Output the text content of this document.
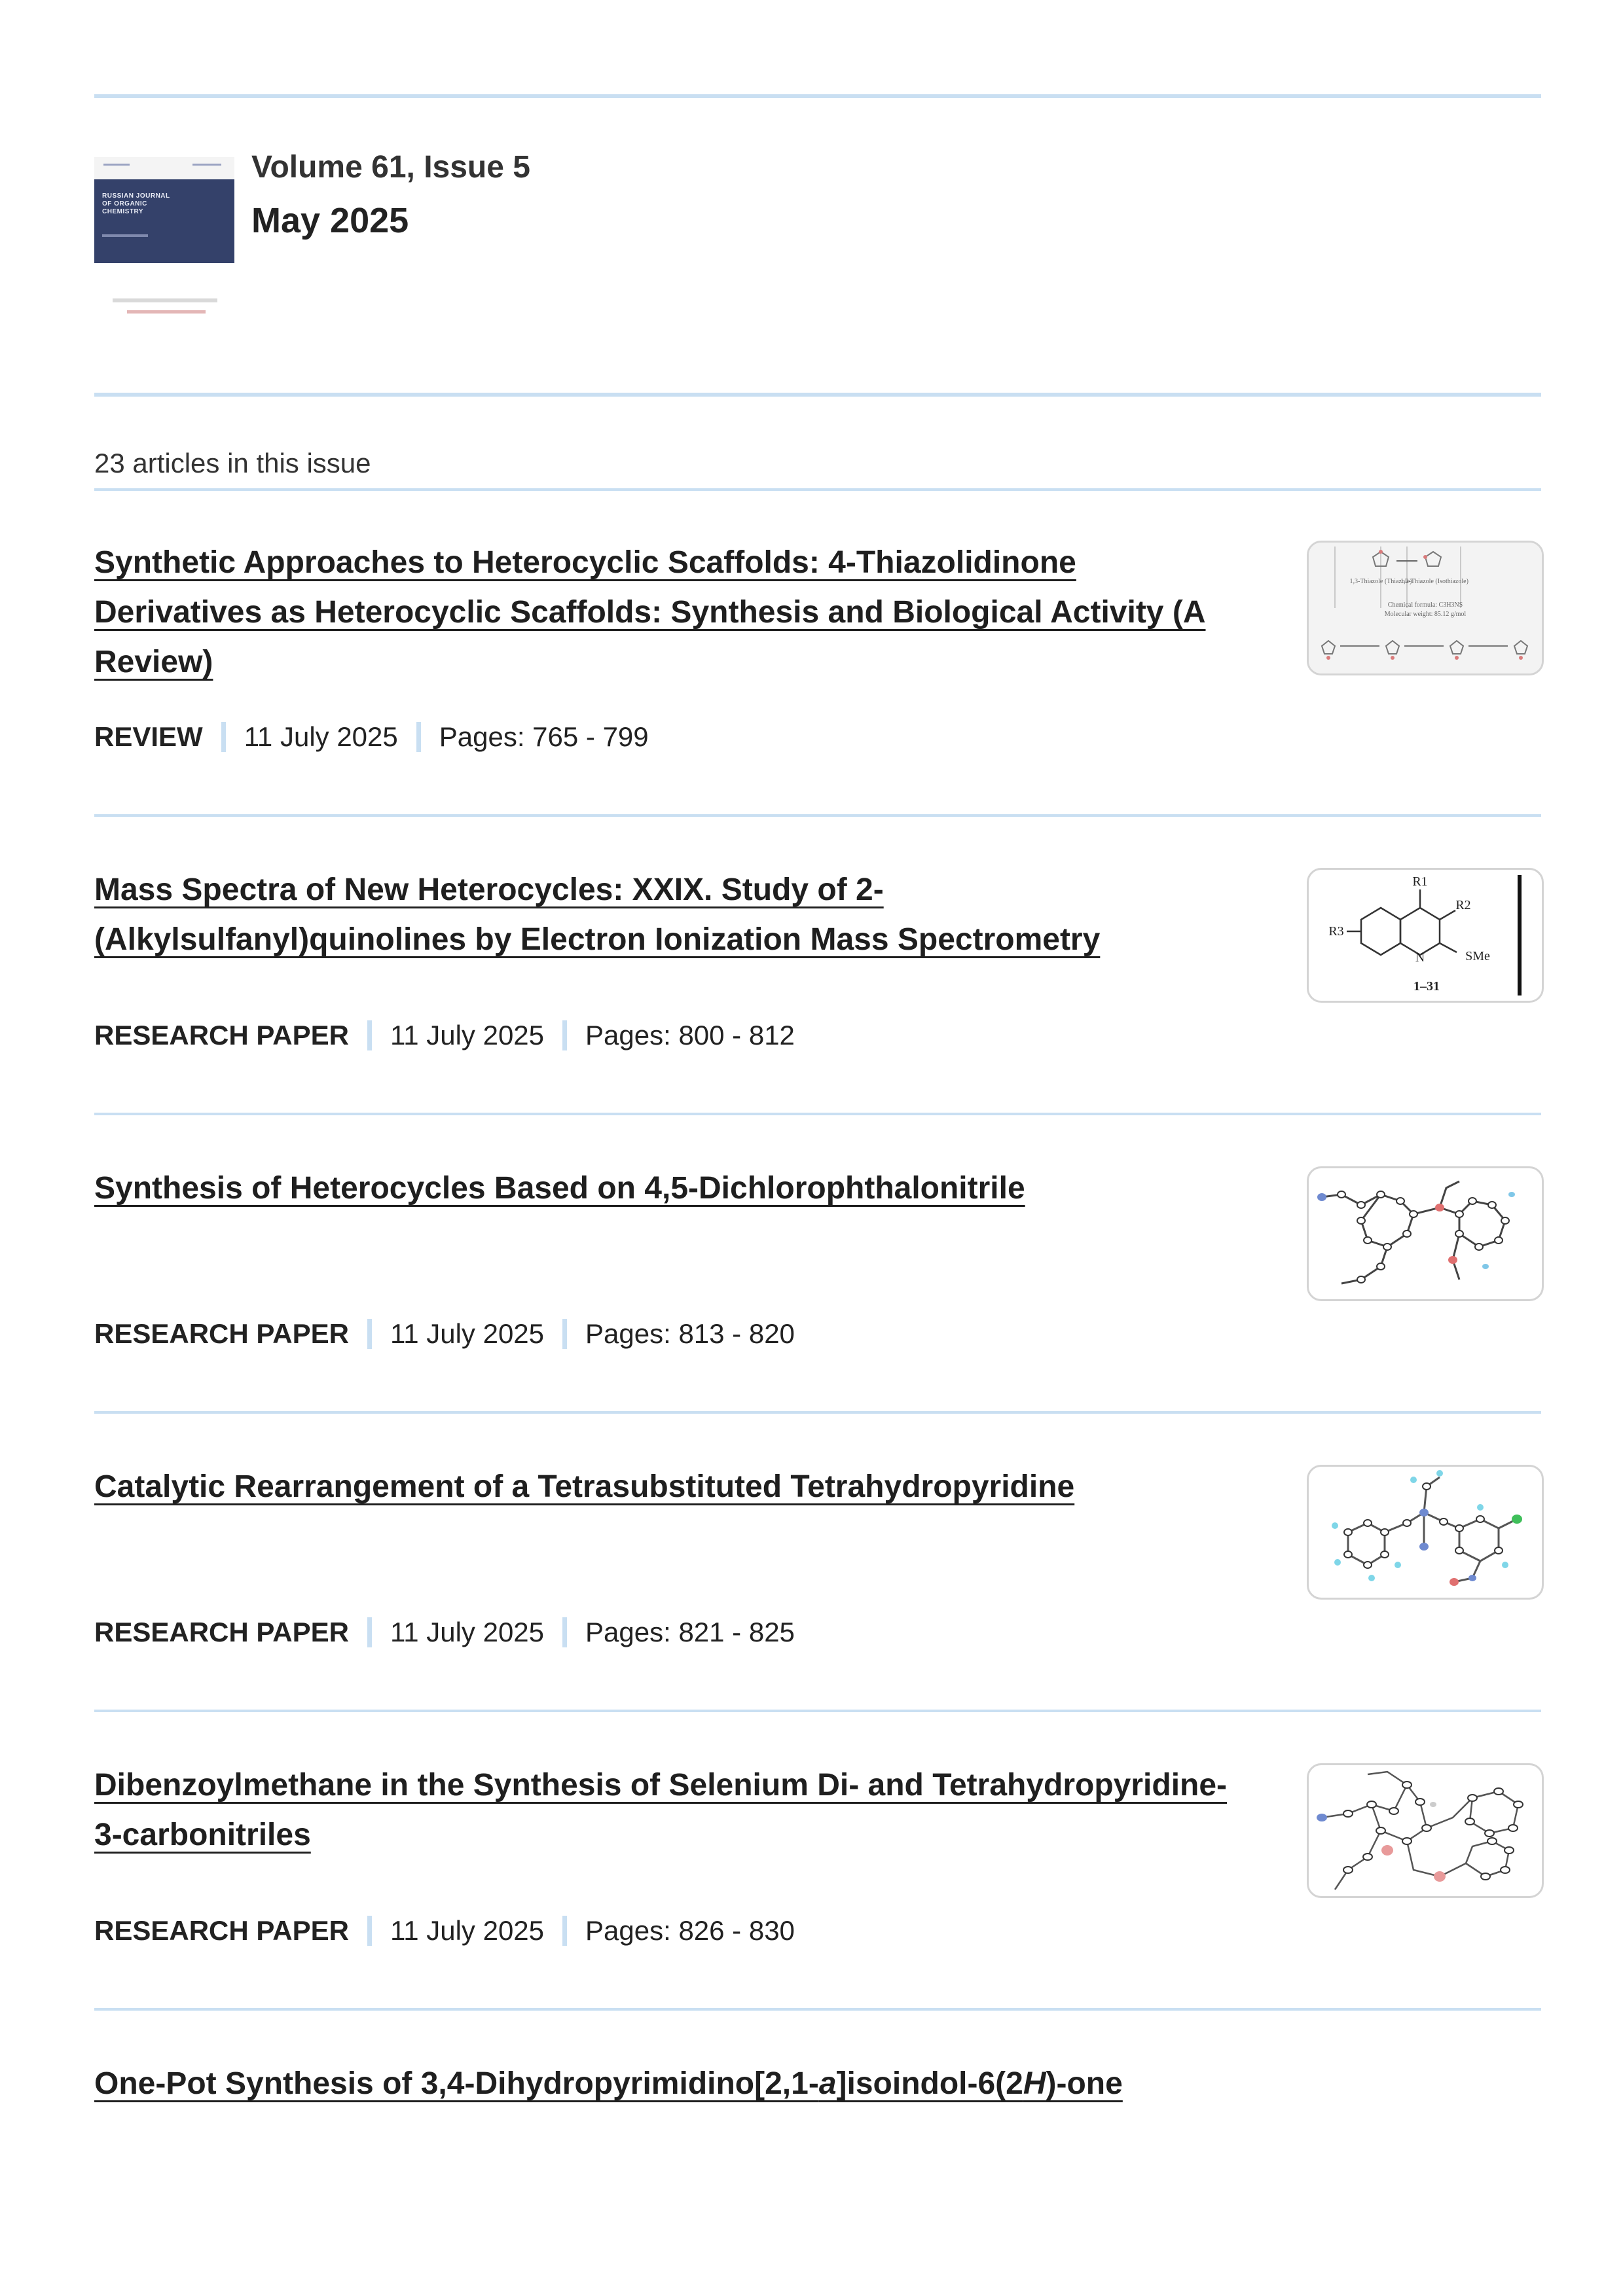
RUSSIAN JOURNAL OF ORGANIC CHEMISTRY
Volume 61, Issue 5
May 2025
23 articles in this issue
Synthetic Approaches to Heterocyclic Scaffolds: 4-Thiazolidinone Derivatives as Heterocyclic Scaffolds: Synthesis and Biological Activity (A Review)
REVIEW 11 July 2025 Pages: 765 - 799
1,3-Thiazole (Thiazole)
1,2-Thiazole (Isothiazole)
Chemical formula: C3H3NS
Molecular weight: 85.12 g/mol
Mass Spectra of New Heterocycles: XXIX. Study of 2-(Alkylsulfanyl)quinolines by Electron Ionization Mass Spectrometry
RESEARCH PAPER 11 July 2025 Pages: 800 - 812
R1
R2
R3
N	SMe
1–31
Synthesis of Heterocycles Based on 4,5-Dichlorophthalonitrile
RESEARCH PAPER 11 July 2025 Pages: 813 - 820
Catalytic Rearrangement of a Tetrasubstituted Tetrahydropyridine
RESEARCH PAPER 11 July 2025 Pages: 821 - 825
Dibenzoylmethane in the Synthesis of Selenium Di- and Tetrahydropyridine-3-carbonitriles
RESEARCH PAPER 11 July 2025 Pages: 826 - 830
One-Pot Synthesis of 3,4-Dihydropyrimidino[2,1-a]isoindol-6(2H)-one
